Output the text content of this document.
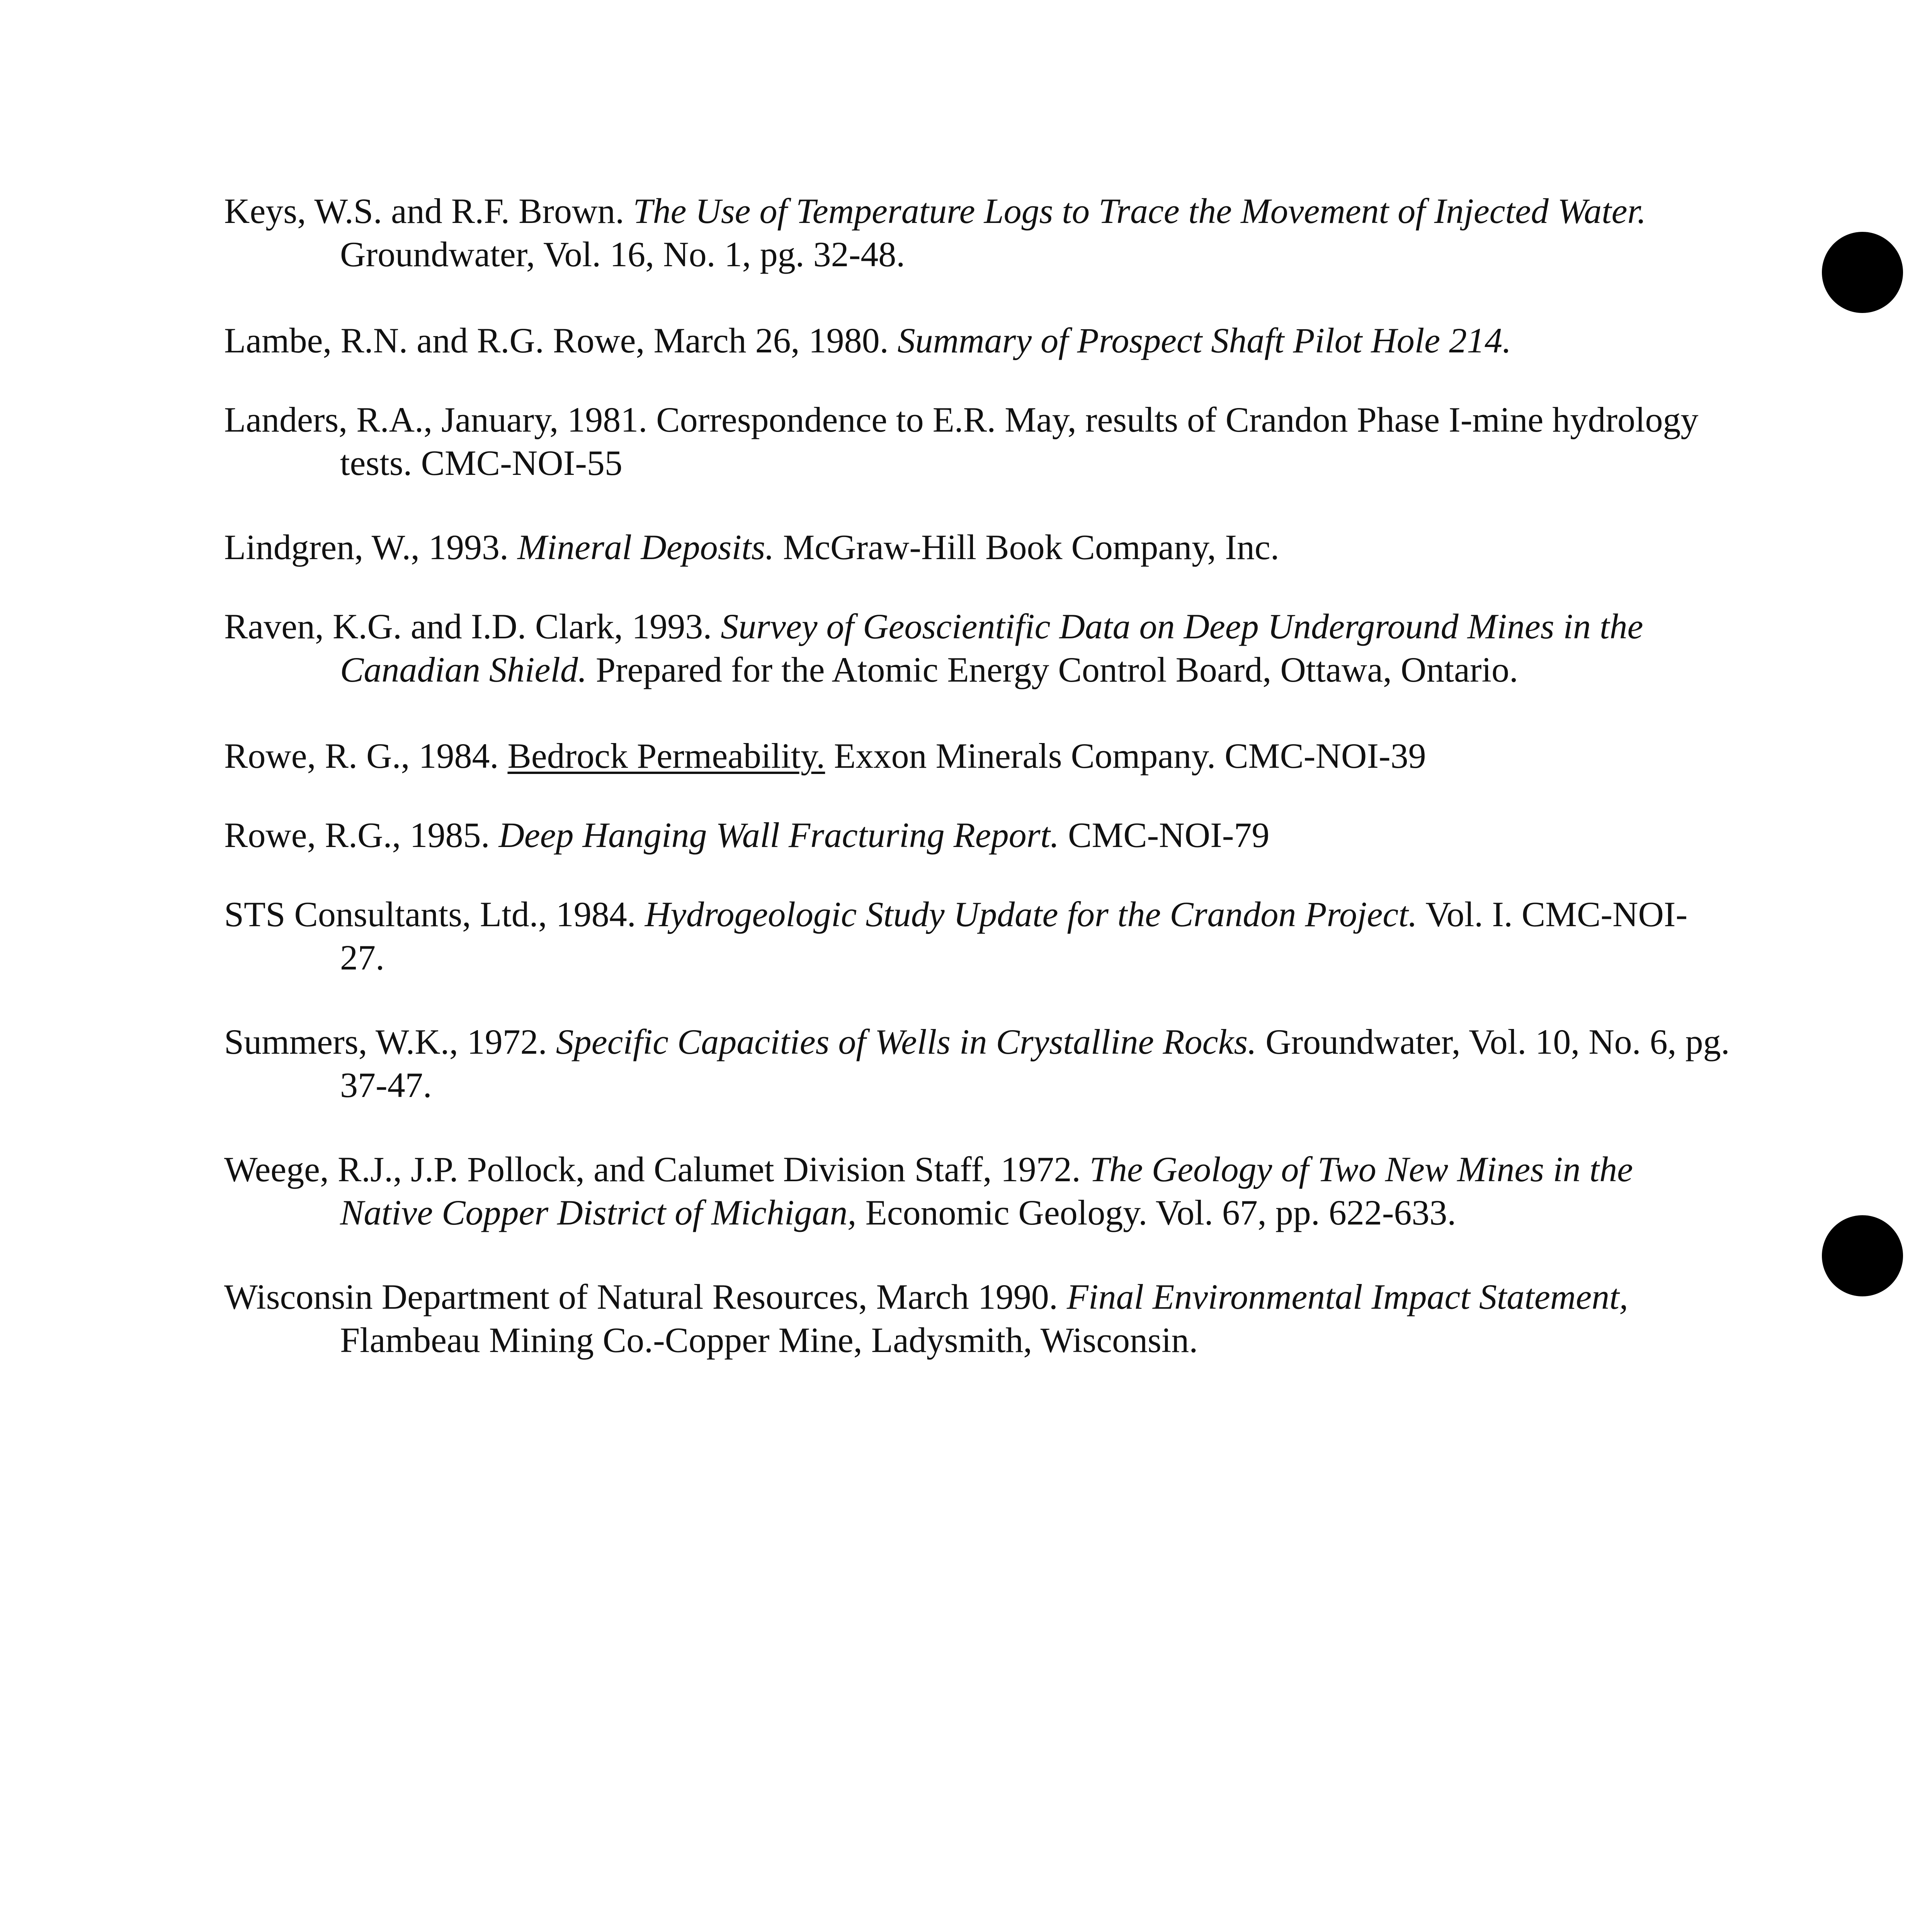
Keys, W.S. and R.F. Brown. The Use of Temperature Logs to Trace the Movement of Injected Water. Groundwater, Vol. 16, No. 1, pg. 32-48.
Lambe, R.N. and R.G. Rowe, March 26, 1980. Summary of Prospect Shaft Pilot Hole 214.
Landers, R.A., January, 1981. Correspondence to E.R. May, results of Crandon Phase I-mine hydrology tests. CMC-NOI-55
Lindgren, W., 1993. Mineral Deposits. McGraw-Hill Book Company, Inc.
Raven, K.G. and I.D. Clark, 1993. Survey of Geoscientific Data on Deep Underground Mines in the Canadian Shield. Prepared for the Atomic Energy Control Board, Ottawa, Ontario.
Rowe, R. G., 1984. Bedrock Permeability. Exxon Minerals Company. CMC-NOI-39
Rowe, R.G., 1985. Deep Hanging Wall Fracturing Report. CMC-NOI-79
STS Consultants, Ltd., 1984. Hydrogeologic Study Update for the Crandon Project. Vol. I. CMC-NOI-27.
Summers, W.K., 1972. Specific Capacities of Wells in Crystalline Rocks. Groundwater, Vol. 10, No. 6, pg. 37-47.
Weege, R.J., J.P. Pollock, and Calumet Division Staff, 1972. The Geology of Two New Mines in the Native Copper District of Michigan, Economic Geology. Vol. 67, pp. 622-633.
Wisconsin Department of Natural Resources, March 1990. Final Environmental Impact Statement, Flambeau Mining Co.-Copper Mine, Ladysmith, Wisconsin.
